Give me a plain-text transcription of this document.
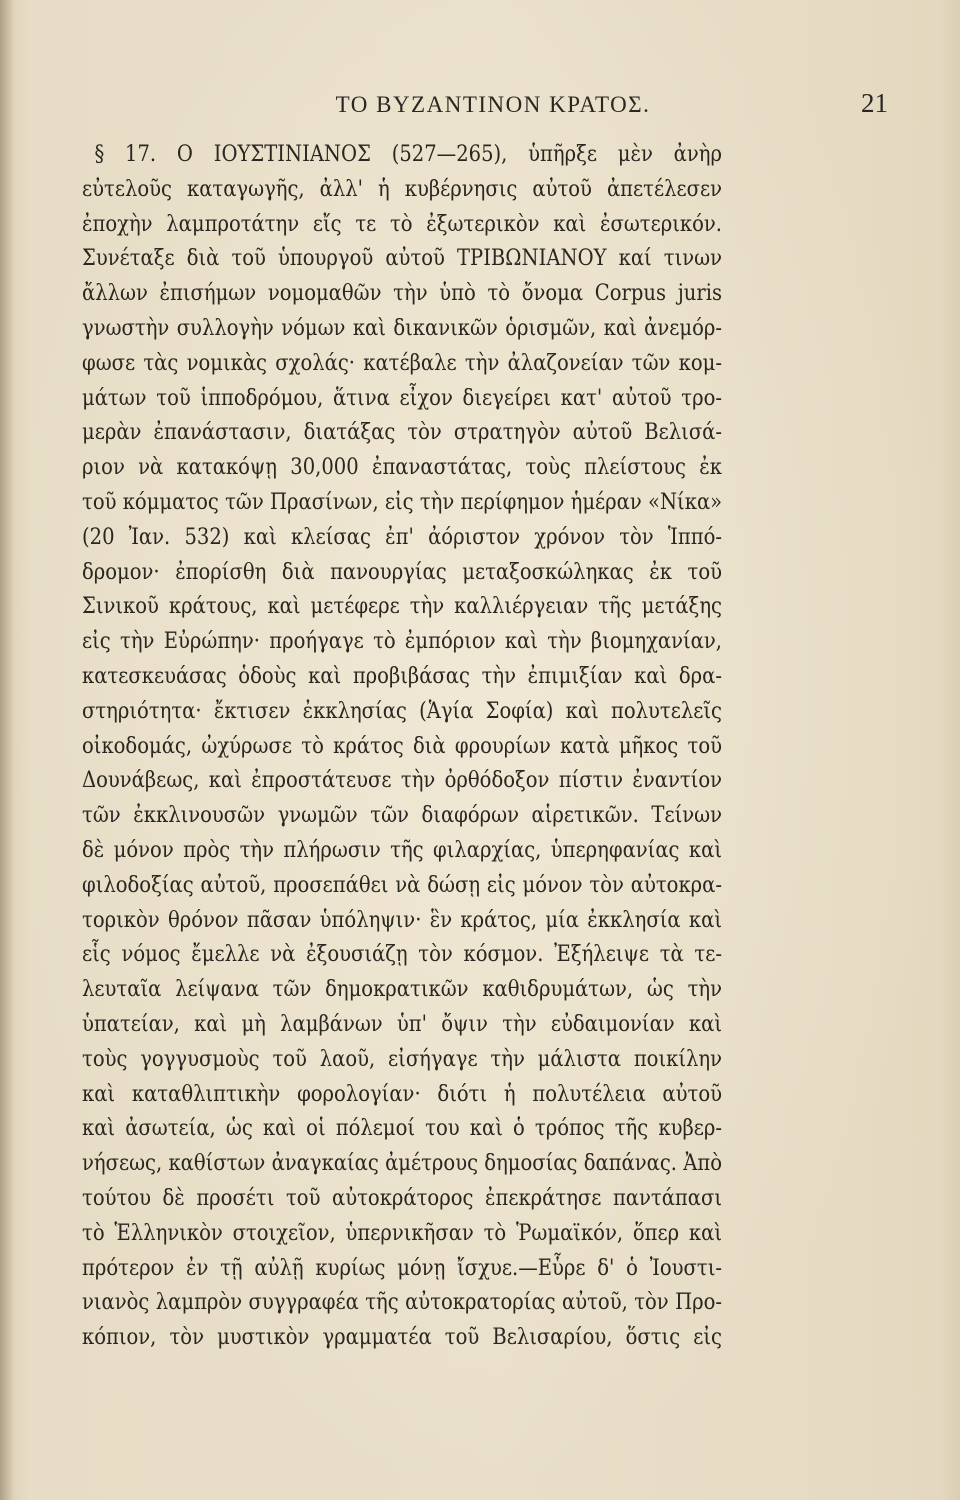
ΤΟ ΒΥΖΑΝΤΙΝΟΝ ΚΡΑΤΟΣ.	21
§ 17. Ο ΙΟΥΣΤΙΝΙΑΝΟΣ (527—265), ὑπῆρξε μὲν ἀνὴρ
εὐτελοῦς καταγωγῆς, ἀλλ' ἡ κυβέρνησις αὐτοῦ ἀπετέλεσεν
ἐποχὴν λαμπροτάτην εἴς τε τὸ ἐξωτερικὸν καὶ ἐσωτερικόν.
Συνέταξε διὰ τοῦ ὑπουργοῦ αὐτοῦ ΤΡΙΒΩΝΙΑΝΟΥ καί τινων
ἄλλων ἐπισήμων νομομαθῶν τὴν ὑπὸ τὸ ὄνομα Corpus juris
γνωστὴν συλλογὴν νόμων καὶ δικανικῶν ὁρισμῶν, καὶ ἀνεμόρ-
φωσε τὰς νομικὰς σχολάς· κατέβαλε τὴν ἀλαζονείαν τῶν κομ-
μάτων τοῦ ἱπποδρόμου, ἅτινα εἶχον διεγείρει κατ' αὐτοῦ τρο-
μερὰν ἐπανάστασιν, διατάξας τὸν στρατηγὸν αὐτοῦ Βελισά-
ριον νὰ κατακόψῃ 30,000 ἐπαναστάτας, τοὺς πλείστους ἐκ
τοῦ κόμματος τῶν Πρασίνων, εἰς τὴν περίφημον ἡμέραν «Νίκα»
(20 Ἰαν. 532) καὶ κλείσας ἐπ' ἀόριστον χρόνον τὸν Ἱππό-
δρομον· ἐπορίσθη διὰ πανουργίας μεταξοσκώληκας ἐκ τοῦ
Σινικοῦ κράτους, καὶ μετέφερε τὴν καλλιέργειαν τῆς μετάξης
εἰς τὴν Εὐρώπην· προήγαγε τὸ ἐμπόριον καὶ τὴν βιομηχανίαν,
κατεσκευάσας ὁδοὺς καὶ προβιβάσας τὴν ἐπιμιξίαν καὶ δρα-
στηριότητα· ἔκτισεν ἐκκλησίας (Ἁγία Σοφία) καὶ πολυτελεῖς
οἰκοδομάς, ὠχύρωσε τὸ κράτος διὰ φρουρίων κατὰ μῆκος τοῦ
Δουνάβεως, καὶ ἐπροστάτευσε τὴν ὀρθόδοξον πίστιν ἐναντίον
τῶν ἐκκλινουσῶν γνωμῶν τῶν διαφόρων αἱρετικῶν. Τείνων
δὲ μόνον πρὸς τὴν πλήρωσιν τῆς φιλαρχίας, ὑπερηφανίας καὶ
φιλοδοξίας αὐτοῦ, προσεπάθει νὰ δώσῃ εἰς μόνον τὸν αὐτοκρα-
τορικὸν θρόνον πᾶσαν ὑπόληψιν· ἓν κράτος, μία ἐκκλησία καὶ
εἷς νόμος ἔμελλε νὰ ἐξουσιάζῃ τὸν κόσμον. Ἐξήλειψε τὰ τε-
λευταῖα λείψανα τῶν δημοκρατικῶν καθιδρυμάτων, ὡς τὴν
ὑπατείαν, καὶ μὴ λαμβάνων ὑπ' ὄψιν τὴν εὐδαιμονίαν καὶ
τοὺς γογγυσμοὺς τοῦ λαοῦ, εἰσήγαγε τὴν μάλιστα ποικίλην
καὶ καταθλιπτικὴν φορολογίαν· διότι ἡ πολυτέλεια αὐτοῦ
καὶ ἀσωτεία, ὡς καὶ οἱ πόλεμοί του καὶ ὁ τρόπος τῆς κυβερ-
νήσεως, καθίστων ἀναγκαίας ἀμέτρους δημοσίας δαπάνας. Ἀπὸ
τούτου δὲ προσέτι τοῦ αὐτοκράτορος ἐπεκράτησε παντάπασι
τὸ Ἑλληνικὸν στοιχεῖον, ὑπερνικῆσαν τὸ Ῥωμαϊκόν, ὅπερ καὶ
πρότερον ἐν τῇ αὐλῇ κυρίως μόνῃ ἴσχυε.—Εὗρε δ' ὁ Ἰουστι-
νιανὸς λαμπρὸν συγγραφέα τῆς αὐτοκρατορίας αὐτοῦ, τὸν Προ-
κόπιον, τὸν μυστικὸν γραμματέα τοῦ Βελισαρίου, ὅστις εἰς
